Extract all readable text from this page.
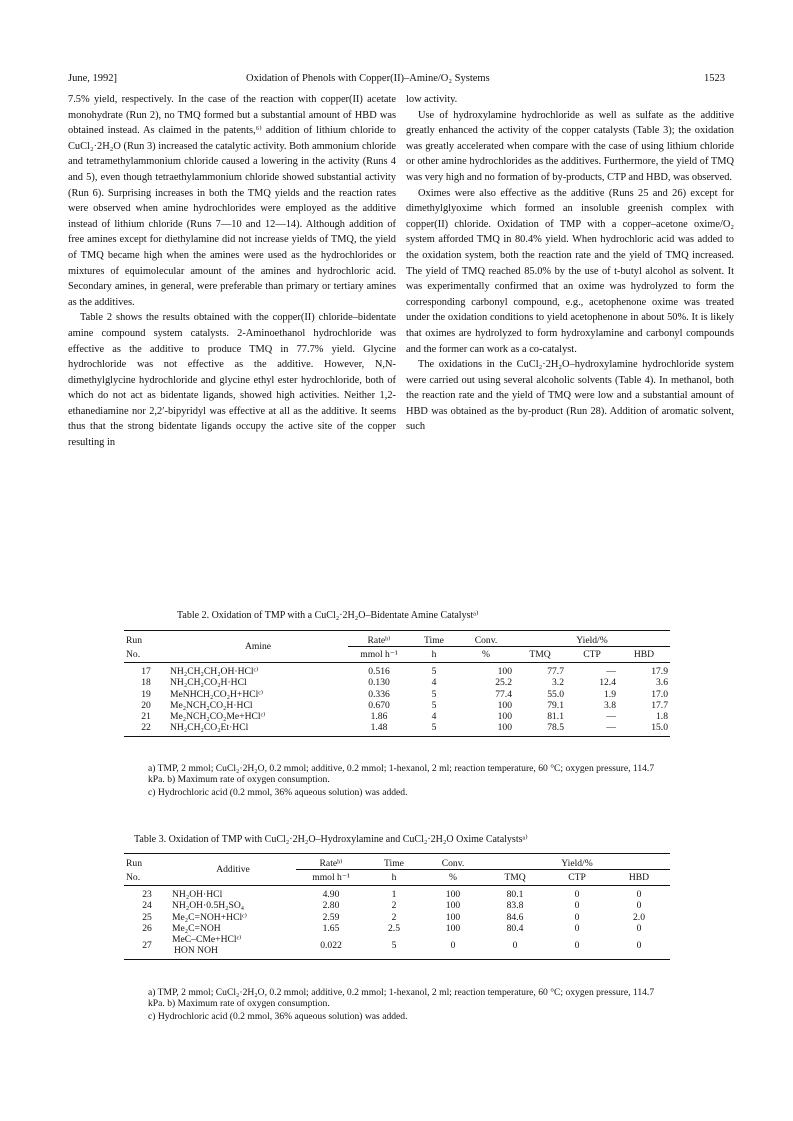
June, 1992]	Oxidation of Phenols with Copper(II)–Amine/O₂ Systems	1523

7.5% yield, respectively. In the case of the reaction with copper(II) acetate monohydrate (Run 2), no TMQ formed but a substantial amount of HBD was obtained instead. As claimed in the patents,⁶⁾ addition of lithium chloride to CuCl₂·2H₂O (Run 3) increased the catalytic activity. Both ammonium chloride and tetramethylammonium chloride caused a lowering in the activity (Runs 4 and 5), even though tetraethylammonium chloride showed substantial activity (Run 6). Surprising increases in both the TMQ yields and the reaction rates were observed when amine hydrochlorides were employed as the additive instead of lithium chloride (Runs 7—10 and 12—14). Although addition of free amines except for diethylamine did not increase yields of TMQ, the yield of TMQ became high when the amines were used as the hydrochlorides or mixtures of equimolecular amount of the amines and hydrochloric acid. Secondary amines, in general, were preferable than primary or tertiary amines as the additives.

Table 2 shows the results obtained with the copper(II) chloride–bidentate amine compound system catalysts. 2-Aminoethanol hydrochloride was effective as the additive to produce TMQ in 77.7% yield. Glycine hydrochloride was not effective as the additive. However, N,N-dimethylglycine hydrochloride and glycine ethyl ester hydrochloride, both of which do not act as bidentate ligands, showed high activities. Neither 1,2-ethanediamine nor 2,2′-bipyridyl was effective at all as the additive. It seems thus that the strong bidentate ligands occupy the active site of the copper resulting in

low activity.

Use of hydroxylamine hydrochloride as well as sulfate as the additive greatly enhanced the activity of the copper catalysts (Table 3); the oxidation was greatly accelerated when compare with the case of using lithium chloride or other amine hydrochlorides as the additives. Furthermore, the yield of TMQ was very high and no formation of by-products, CTP and HBD, was observed.

Oximes were also effective as the additive (Runs 25 and 26) except for dimethylglyoxime which formed an insoluble greenish complex with copper(II) chloride. Oxidation of TMP with a copper–acetone oxime/O₂ system afforded TMQ in 80.4% yield. When hydrochloric acid was added to the oxidation system, both the reaction rate and the yield of TMQ increased. The yield of TMQ reached 85.0% by the use of t-butyl alcohol as solvent. It was experimentally confirmed that an oxime was hydrolyzed to form the corresponding carbonyl compound, e.g., acetophenone oxime was treated under the oxidation conditions to yield acetophenone in about 50%. It is likely that oximes are hydrolyzed to form hydroxylamine and carbonyl compounds and the former can work as a co-catalyst.

The oxidations in the CuCl₂·2H₂O–hydroxylamine hydrochloride system were carried out using several alcoholic solvents (Table 4). In methanol, both the reaction rate and the yield of TMQ were low and a substantial amount of HBD was obtained as the by-product (Run 28). Addition of aromatic solvent, such

Table 2. Oxidation of TMP with a CuCl₂·2H₂O–Bidentate Amine Catalystᵃ⁾
Run	Amine	Rateᵇ⁾	Time	Conv.	Yield/%		
No.		mmol h⁻¹	h	%	TMQ	CTP	HBD

17	NH₂CH₂CH₂OH·HClᶜ⁾	0.516	5	100	77.7	—	17.9

18	NH₂CH₂CO₂H·HCl	0.130	4	25.2	3.2	12.4	3.6

19	MeNHCH₂CO₂H+HClᶜ⁾	0.336	5	77.4	55.0	1.9	17.0

20	Me₂NCH₂CO₂H·HCl	0.670	5	100	79.1	3.8	17.7

21	Me₂NCH₂CO₂Me+HClᶜ⁾	1.86	4	100	81.1	—	1.8

22	NH₂CH₂CO₂Et·HCl	1.48	5	100	78.5	—	15.0
a) TMP, 2 mmol; CuCl₂·2H₂O, 0.2 mmol; additive, 0.2 mmol; 1-hexanol, 2 ml; reaction temperature, 60 °C; oxygen pressure, 114.7 kPa. b) Maximum rate of oxygen consumption.
c) Hydrochloric acid (0.2 mmol, 36% aqueous solution) was added.
Table 3. Oxidation of TMP with CuCl₂·2H₂O–Hydroxylamine and CuCl₂·2H₂O Oxime Catalystsᵃ⁾
Run	Additive	Rateᵇ⁾	Time	Conv.	Yield/%		
No.		mmol h⁻¹	h	%	TMQ	CTP	HBD

23	NH₂OH·HCl	4.90	1	100	80.1	0	0

24	NH₂OH·0.5H₂SO₄	2.80	2	100	83.8	0	0

25	Me₂C=NOH+HClᶜ⁾	2.59	2	100	84.6	0	2.0

26	Me₂C=NOH	1.65	2.5	100	80.4	0	0

27	MeC–CMe+HClᶜ⁾
HON NOH	0.022	5	0	0	0	0
a) TMP, 2 mmol; CuCl₂·2H₂O, 0.2 mmol; additive, 0.2 mmol; 1-hexanol, 2 ml; reaction temperature, 60 °C; oxygen pressure, 114.7 kPa. b) Maximum rate of oxygen consumption.
c) Hydrochloric acid (0.2 mmol, 36% aqueous solution) was added.
